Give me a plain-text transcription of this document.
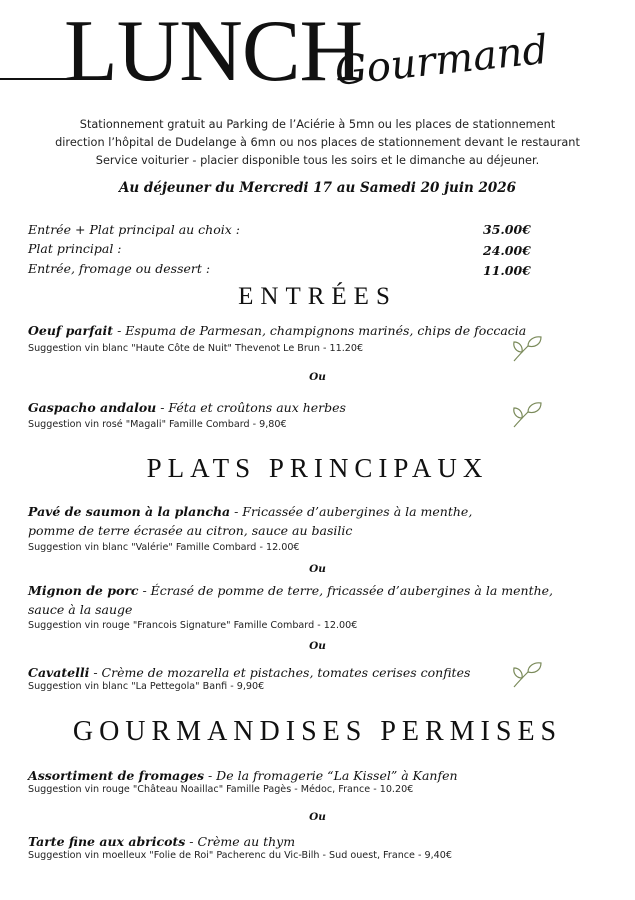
LUNCH
Gourmand
Stationnement gratuit au Parking de l’Aciérie à 5mn ou les places de stationnement
direction l’hôpital de Dudelange à 6mn ou nos places de stationnement devant le restaurant
Service voiturier - placier disponible tous les soirs et le dimanche au déjeuner.
Au déjeuner du Mercredi 17 au Samedi 20 juin 2026
Entrée + Plat principal au choix :	35.00€
Plat principal :	24.00€
Entrée, fromage ou dessert :	11.00€
ENTRÉES
Oeuf parfait - Espuma de Parmesan, champignons marinés, chips de foccacia
Suggestion vin blanc "Haute Côte de Nuit" Thevenot Le Brun - 11.20€
Ou
Gaspacho andalou - Féta et croûtons aux herbes
Suggestion vin rosé "Magali" Famille Combard - 9,80€
PLATS PRINCIPAUX
Pavé de saumon à la plancha - Fricassée d’aubergines à la menthe,
pomme de terre écrasée au citron, sauce au basilic
Suggestion vin blanc "Valérie" Famille Combard - 12.00€
Ou
Mignon de porc - Écrasé de pomme de terre, fricassée d’aubergines à la menthe,
sauce à la sauge
Suggestion vin rouge "Francois Signature" Famille Combard - 12.00€
Ou
Cavatelli - Crème de mozarella et pistaches, tomates cerises confites
Suggestion vin blanc "La Pettegola" Banfi - 9,90€
GOURMANDISES PERMISES
Assortiment de fromages - De la fromagerie “La Kissel” à Kanfen
Suggestion vin rouge "Château Noaillac" Famille Pagès - Médoc, France - 10.20€
Ou
Tarte fine aux abricots - Crème au thym
Suggestion vin moelleux "Folie de Roi" Pacherenc du Vic-Bilh - Sud ouest, France - 9,40€
